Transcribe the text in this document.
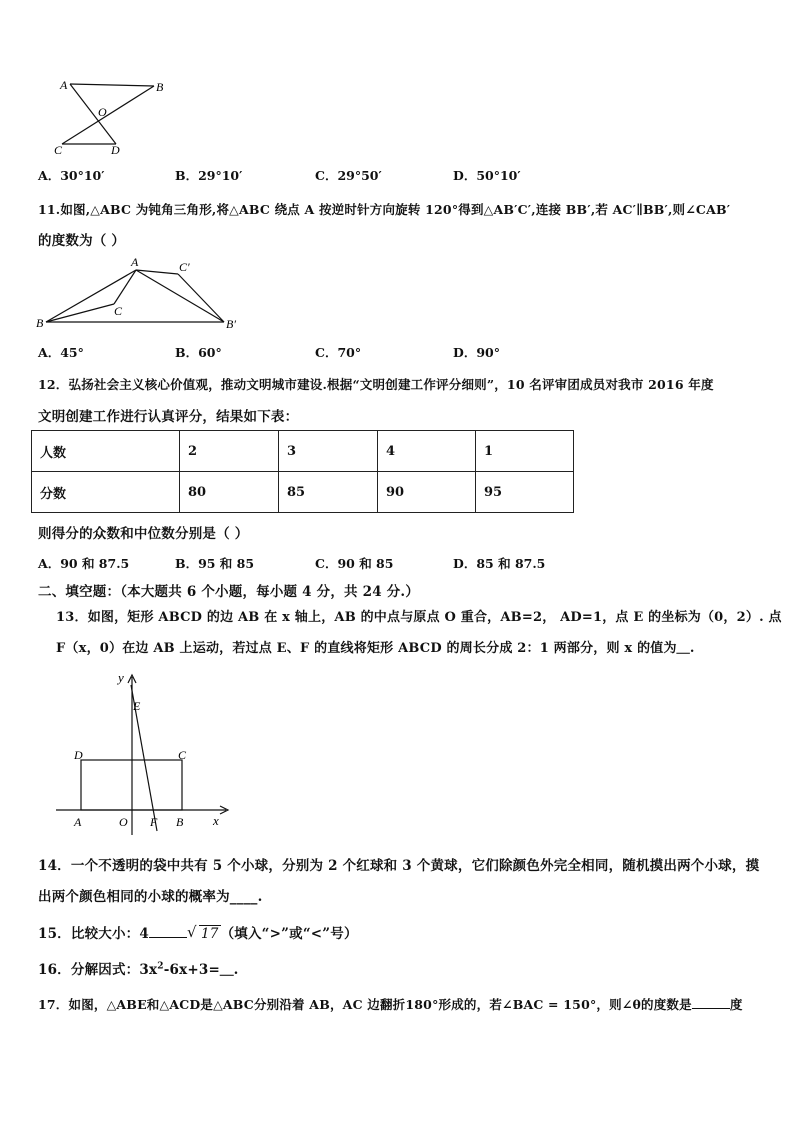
A	B
O
C	D
A．30°10′	B．29°10′	C．29°50′	D．50°10′
11.如图,△ABC 为钝角三角形,将△ABC 绕点 A 按逆时针方向旋转 120°得到△AB′C′,连接 BB′,若 AC′∥BB′,则∠CAB′
的度数为（ ）
A	C′
C
B	B′
A．45°	B．60°	C．70°	D．90°
12．弘扬社会主义核心价值观，推动文明城市建设.根据“文明创建工作评分细则”，10 名评审团成员对我市 2016 年度
文明创建工作进行认真评分，结果如下表：
人数	2	3	4	1
分数	80	85	90	95
则得分的众数和中位数分别是（ ）
A．90 和 87.5	B．95 和 85	C．90 和 85	D．85 和 87.5
二、填空题：（本大题共 6 个小题，每小题 4 分，共 24 分.）
13．如图，矩形 ABCD 的边 AB 在 x 轴上，AB 的中点与原点 O 重合，AB=2， AD=1，点 E 的坐标为（0，2）. 点
F（x，0）在边 AB 上运动，若过点 E、F 的直线将矩形 ABCD 的周长分成 2：1 两部分，则 x 的值为＿.
y
E
D	C
A	O F B x
14．一个不透明的袋中共有 5 个小球，分别为 2 个红球和 3 个黄球，它们除颜色外完全相同，随机摸出两个小球，摸
出两个颜色相同的小球的概率为____.
15．比较大小：4	√ 17 （填入“>”或“<”号）
16．分解因式：$3x^2-6x+3=\_$.
17．如图，△ABE和△ACD是△ABC分别沿着 AB，AC 边翻折180°形成的，若∠BAC = 150°，则∠θ的度数是	度
